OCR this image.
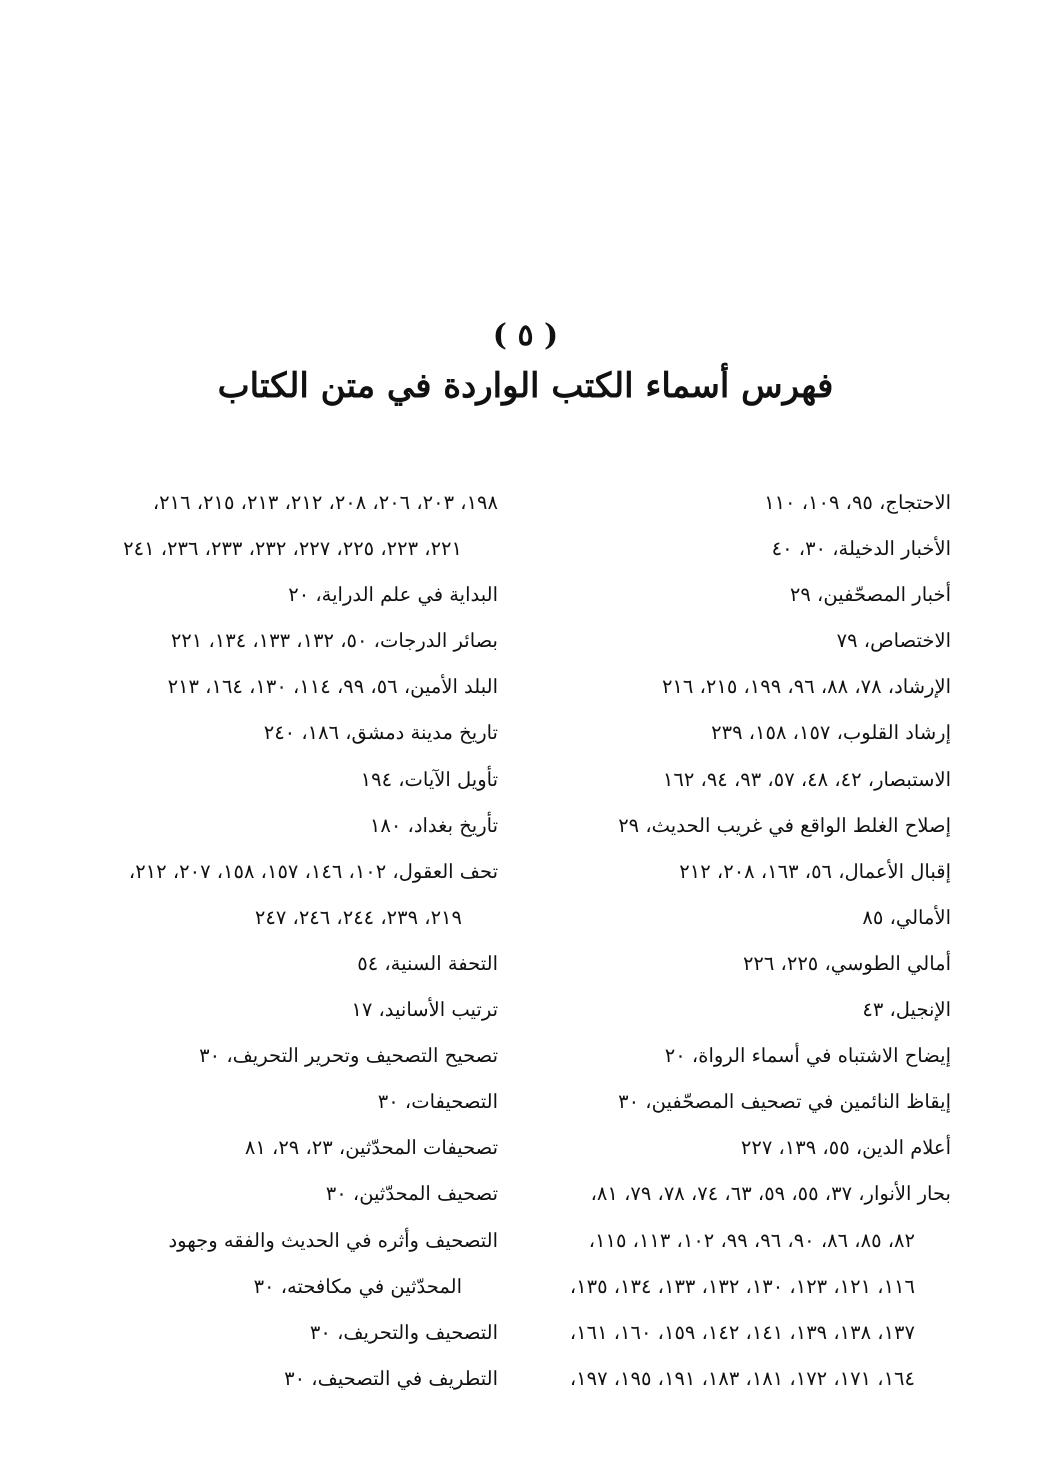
( ٥ )
فهرس أسماء الكتب الواردة في متن الكتاب
الاحتجاج، ٩٥، ١٠٩، ١١٠
الأخبار الدخيلة، ٣٠، ٤٠
أخبار المصحّفين، ٢٩
الاختصاص، ٧٩
الإرشاد، ٧٨، ٨٨، ٩٦، ١٩٩، ٢١٥، ٢١٦
إرشاد القلوب، ١٥٧، ١٥٨، ٢٣٩
الاستبصار، ٤٢، ٤٨، ٥٧، ٩٣، ٩٤، ١٦٢
إصلاح الغلط الواقع في غريب الحديث، ٢٩
إقبال الأعمال، ٥٦، ١٦٣، ٢٠٨، ٢١٢
الأمالي، ٨٥
أمالي الطوسي، ٢٢٥، ٢٢٦
الإنجيل، ٤٣
إيضاح الاشتباه في أسماء الرواة، ٢٠
إيقاظ النائمين في تصحيف المصحّفين، ٣٠
أعلام الدين، ٥٥، ١٣٩، ٢٢٧
بحار الأنوار، ٣٧، ٥٥، ٥٩، ٦٣، ٧٤، ٧٨، ٧٩، ٨١،

٨٢، ٨٥، ٨٦، ٩٠، ٩٦، ٩٩، ١٠٢، ١١٣، ١١٥،
١١٦، ١٢١، ١٢٣، ١٣٠، ١٣٢، ١٣٣، ١٣٤، ١٣٥،
١٣٧، ١٣٨، ١٣٩، ١٤١، ١٤٢، ١٥٩، ١٦٠، ١٦١،
١٦٤، ١٧١، ١٧٢، ١٨١، ١٨٣، ١٩١، ١٩٥، ١٩٧،
١٩٨، ٢٠٣، ٢٠٦، ٢٠٨، ٢١٢، ٢١٣، ٢١٥، ٢١٦،

٢٢١، ٢٢٣، ٢٢٥، ٢٢٧، ٢٣٢، ٢٣٣، ٢٣٦، ٢٤١
البداية في علم الدراية، ٢٠
بصائر الدرجات، ٥٠، ١٣٢، ١٣٣، ١٣٤، ٢٢١
البلد الأمين، ٥٦، ٩٩، ١١٤، ١٣٠، ١٦٤، ٢١٣
تاريخ مدينة دمشق، ١٨٦، ٢٤٠
تأويل الآيات، ١٩٤
تأريخ بغداد، ١٨٠
تحف العقول، ١٠٢، ١٤٦، ١٥٧، ١٥٨، ٢٠٧، ٢١٢،

٢١٩، ٢٣٩، ٢٤٤، ٢٤٦، ٢٤٧
التحفة السنية، ٥٤
ترتيب الأسانيد، ١٧
تصحيح التصحيف وتحرير التحريف، ٣٠
التصحيفات، ٣٠
تصحيفات المحدّثين، ٢٣، ٢٩، ٨١
تصحيف المحدّثين، ٣٠
التصحيف وأثره في الحديث والفقه وجهود

المحدّثين في مكافحته، ٣٠
التصحيف والتحريف، ٣٠
التطريف في التصحيف، ٣٠
